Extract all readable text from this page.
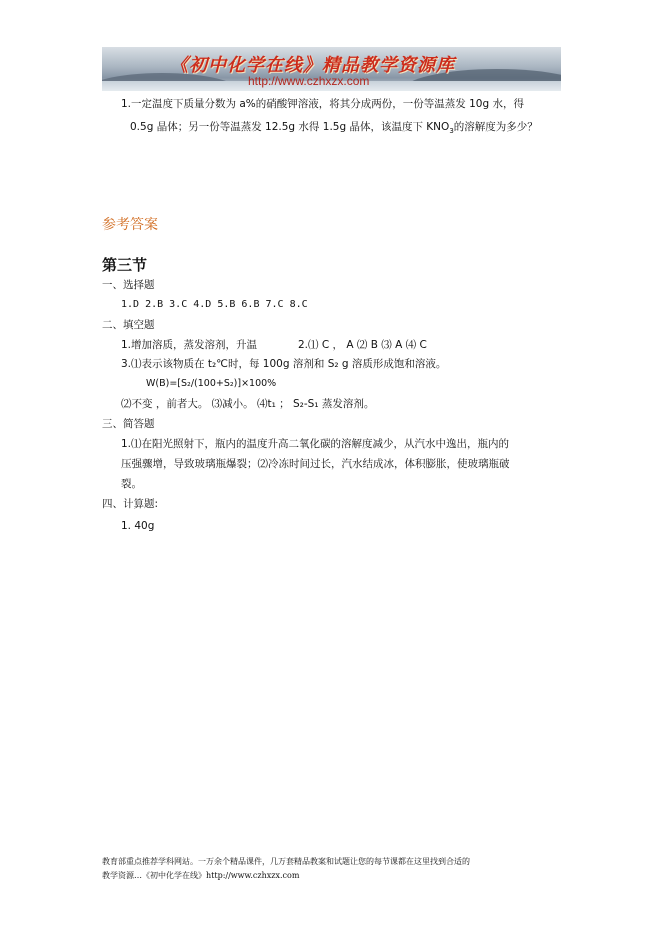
《初中化学在线》精品教学资源库
http://www.czhxzx.com
1.一定温度下质量分数为 a%的硝酸钾溶液，将其分成两份，一份等温蒸发 10g 水，得
0.5g 晶体；另一份等温蒸发 12.5g 水得 1.5g 晶体，该温度下 $KNO_3$的溶解度为多少？
参考答案
第三节
一、选择题
1.D 2.B 3.C 4.D 5.B 6.B 7.C 8.C
二、填空题
1.增加溶质，蒸发溶剂，升温	2.⑴ C ， A ⑵ B ⑶ A ⑷ C
3.⑴表示该物质在 t₂℃时，每 100g 溶剂和 S₂ g 溶质形成饱和溶液。
W(B)=[S₂/(100+S₂)]×100%
⑵不变 ，前者大。 ⑶减小。 ⑷t₁ ； S₂-S₁ 蒸发溶剂。
三、简答题
1.⑴在阳光照射下，瓶内的温度升高二氧化碳的溶解度减少，从汽水中逸出，瓶内的
压强骤增，导致玻璃瓶爆裂；⑵冷冻时间过长，汽水结成冰，体积膨胀，使玻璃瓶破
裂。
四、计算题:
1. 40g
教育部重点推荐学科网站。一万余个精品课件，几万套精品教案和试题让您的每节课都在这里找到合适的
教学资源…《初中化学在线》http://www.czhxzx.com
